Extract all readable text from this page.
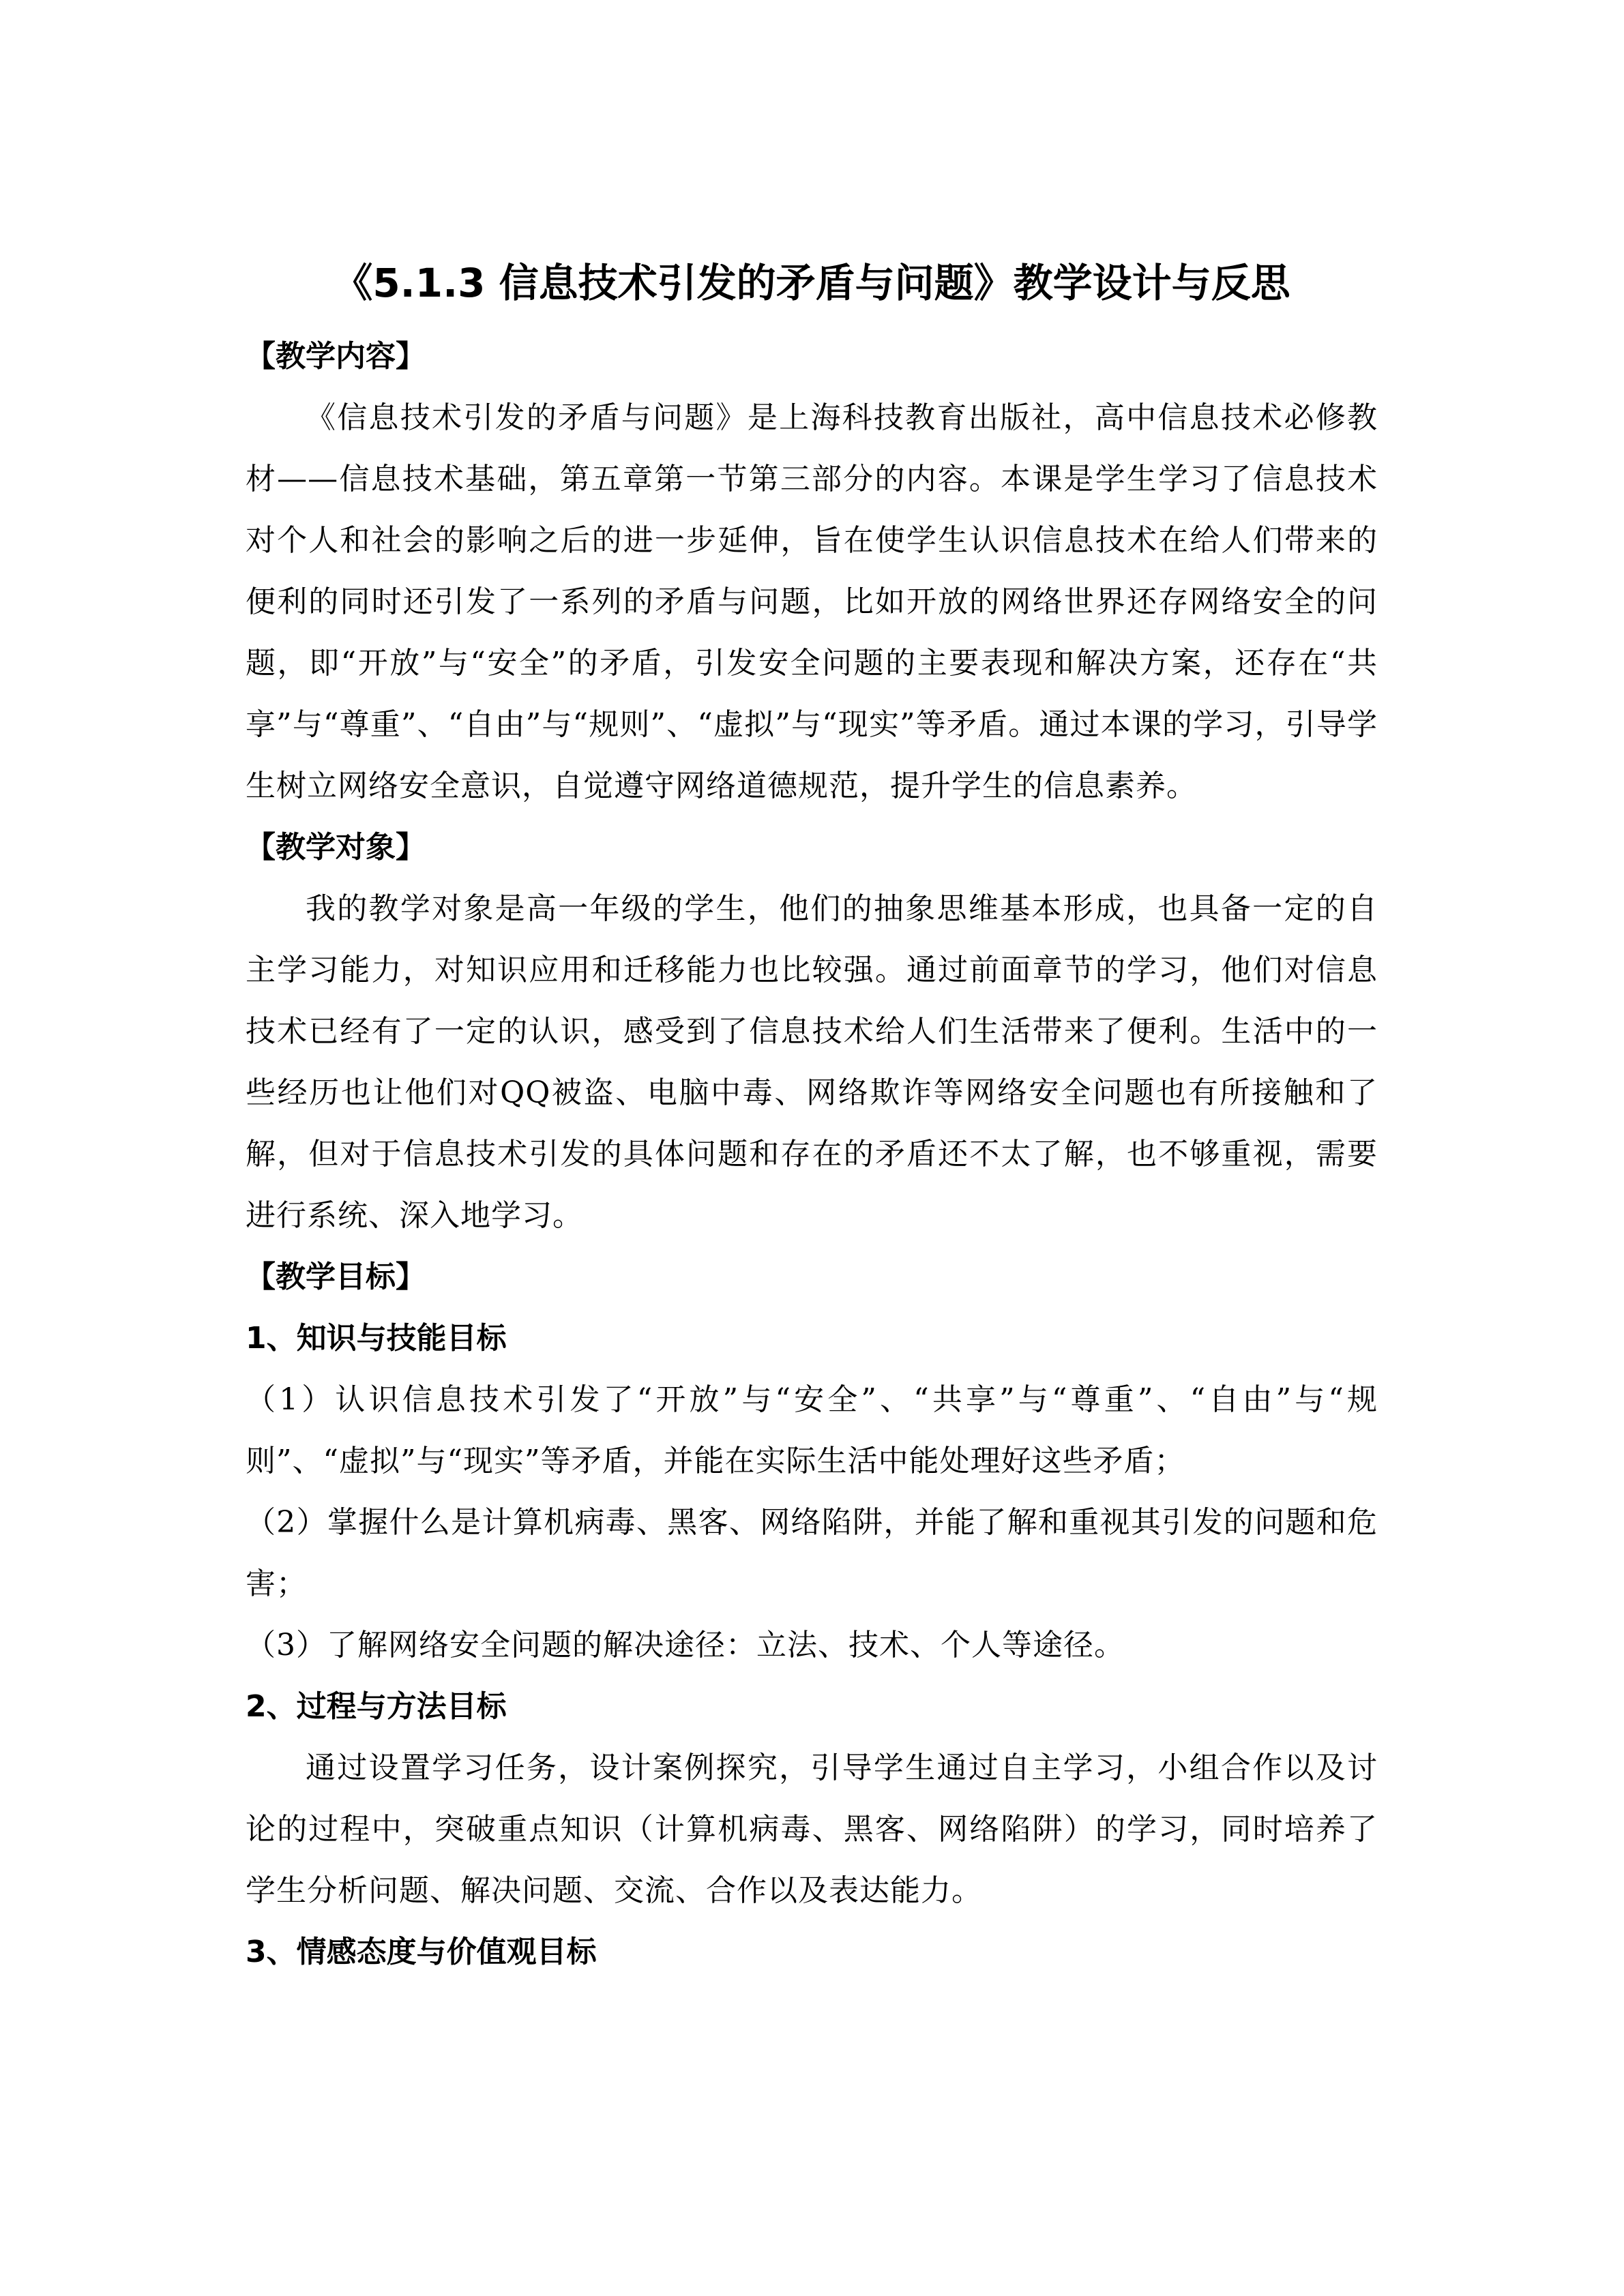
《5.1.3 信息技术引发的矛盾与问题》教学设计与反思
【教学内容】

《信息技术引发的矛盾与问题》是上海科技教育出版社，高中信息技术必修教材——信息技术基础，第五章第一节第三部分的内容。本课是学生学习了信息技术对个人和社会的影响之后的进一步延伸，旨在使学生认识信息技术在给人们带来的便利的同时还引发了一系列的矛盾与问题，比如开放的网络世界还存网络安全的问题，即“开放”与“安全”的矛盾，引发安全问题的主要表现和解决方案，还存在“共享”与“尊重”、“自由”与“规则”、“虚拟”与“现实”等矛盾。通过本课的学习，引导学生树立网络安全意识，自觉遵守网络道德规范，提升学生的信息素养。

【教学对象】

我的教学对象是高一年级的学生，他们的抽象思维基本形成，也具备一定的自主学习能力，对知识应用和迁移能力也比较强。通过前面章节的学习，他们对信息技术已经有了一定的认识，感受到了信息技术给人们生活带来了便利。生活中的一些经历也让他们对QQ被盗、电脑中毒、网络欺诈等网络安全问题也有所接触和了解，但对于信息技术引发的具体问题和存在的矛盾还不太了解，也不够重视，需要进行系统、深入地学习。

【教学目标】
1、知识与技能目标

（1）认识信息技术引发了“开放”与“安全”、“共享”与“尊重”、“自由”与“规则”、“虚拟”与“现实”等矛盾，并能在实际生活中能处理好这些矛盾；

（2）掌握什么是计算机病毒、黑客、网络陷阱，并能了解和重视其引发的问题和危害；

（3）了解网络安全问题的解决途径：立法、技术、个人等途径。

2、过程与方法目标

通过设置学习任务，设计案例探究，引导学生通过自主学习，小组合作以及讨论的过程中，突破重点知识（计算机病毒、黑客、网络陷阱）的学习，同时培养了学生分析问题、解决问题、交流、合作以及表达能力。

3、情感态度与价值观目标
